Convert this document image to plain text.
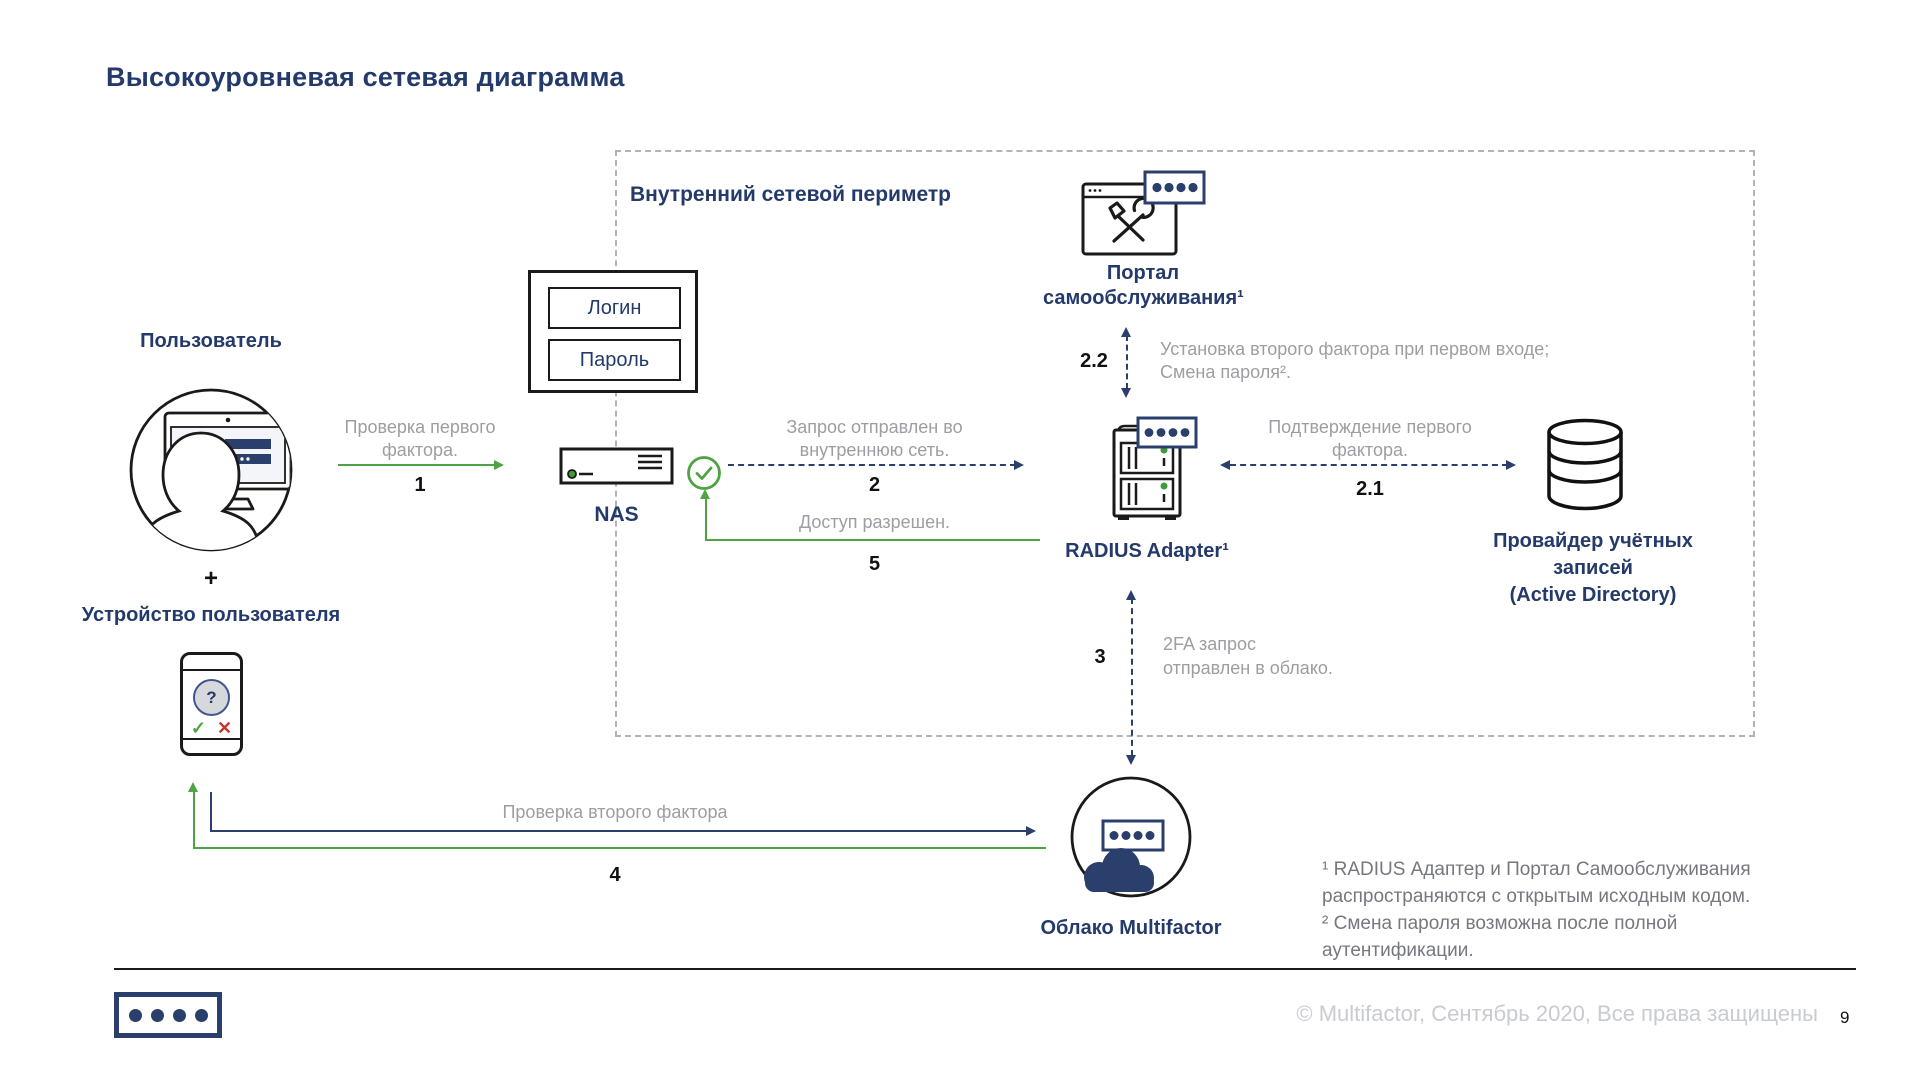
Высокоуровневая сетевая диаграмма
Внутренний сетевой периметр
Пользователь
+
Устройство пользователя
?
✓ ✕
Логин
Пароль
NAS
Проверка первого
фактора.
1
Запрос отправлен во
внутреннюю сеть.
2
Доступ разрешен.
5
Портал
самообслуживания¹
2.2
Установка второго фактора при первом входе;
Смена пароля².
RADIUS Adapter¹
Подтверждение первого
фактора.
2.1
Провайдер учётных
записей
(Active Directory)
3
2FA запрос
отправлен в облако.
Облако Multifactor
Проверка второго фактора
4	¹ RADIUS Адаптер и Портал Самообслуживания
распространяются с открытым исходным кодом.
² Смена пароля возможна после полной
аутентификации.
© Multifactor, Сентябрь 2020, Все права защищены 9
